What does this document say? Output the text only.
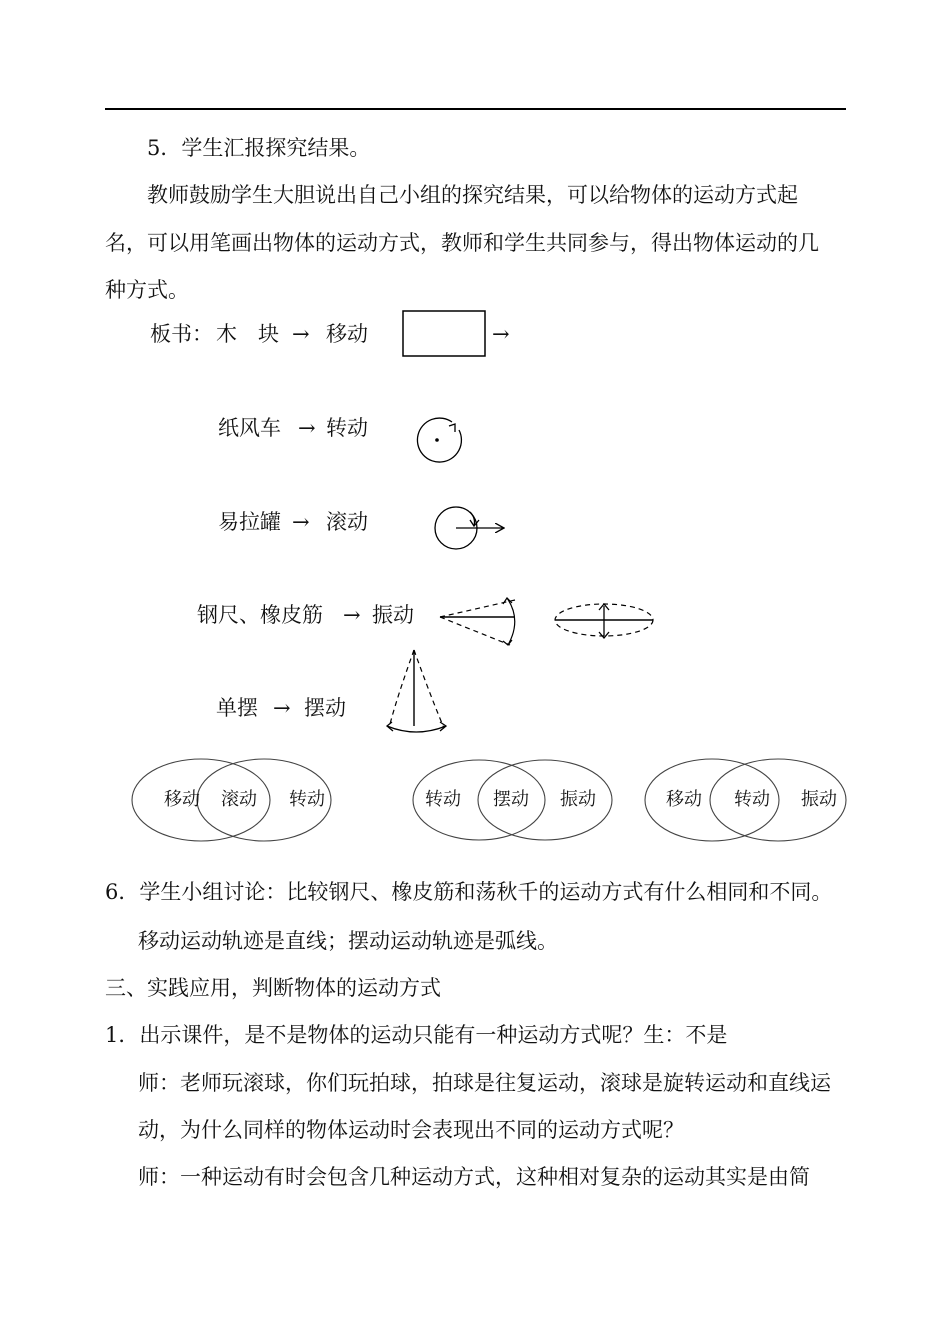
5．学生汇报探究结果。
教师鼓励学生大胆说出自己小组的探究结果，可以给物体的运动方式起
名，可以用笔画出物体的运动方式，教师和学生共同参与，得出物体运动的几
种方式。
板书： 木　块 → 移动
纸风车 → 转动
易拉罐 → 滚动
钢尺、橡皮筋 → 振动
单摆 → 摆动
→
移动 滚动 转动	转动 摆动 振动	移动 转动 振动
6．学生小组讨论：比较钢尺、橡皮筋和荡秋千的运动方式有什么相同和不同。
移动运动轨迹是直线；摆动运动轨迹是弧线。
三、实践应用，判断物体的运动方式
1．出示课件，是不是物体的运动只能有一种运动方式呢？生：不是
师：老师玩滚球，你们玩拍球，拍球是往复运动，滚球是旋转运动和直线运
动，为什么同样的物体运动时会表现出不同的运动方式呢？
师：一种运动有时会包含几种运动方式，这种相对复杂的运动其实是由简
